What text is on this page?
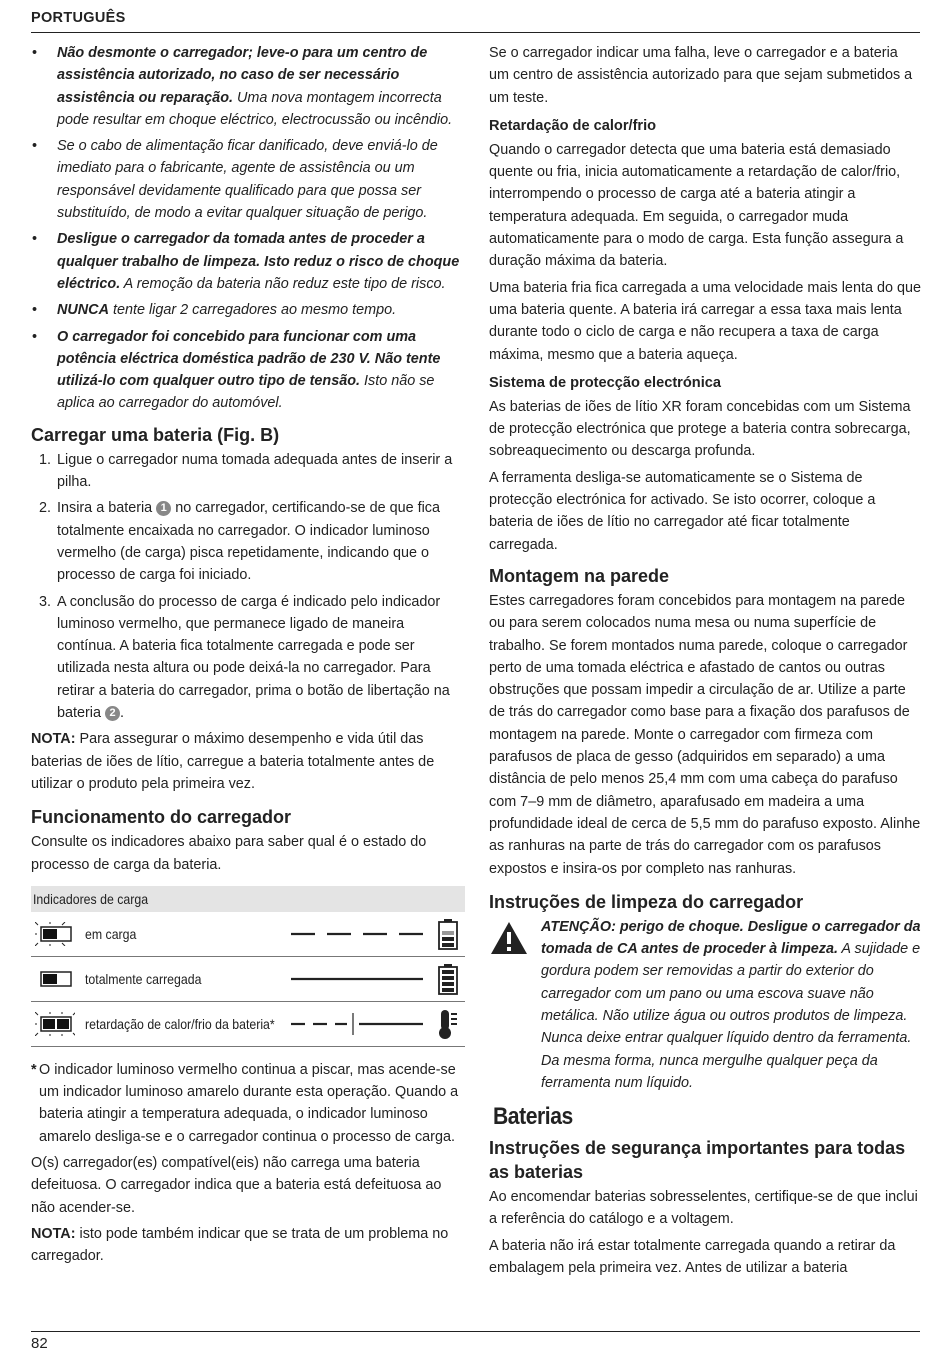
PORTUGUÊS
• Não desmonte o carregador; leve-o para um centro de assistência autorizado, no caso de ser necessário assistência ou reparação. Uma nova montagem incorrecta pode resultar em choque eléctrico, electrocussão ou incêndio.
• Se o cabo de alimentação ficar danificado, deve enviá-lo de imediato para o fabricante, agente de assistência ou um responsável devidamente qualificado para que possa ser substituído, de modo a evitar qualquer situação de perigo.
• Desligue o carregador da tomada antes de proceder a qualquer trabalho de limpeza. Isto reduz o risco de choque eléctrico. A remoção da bateria não reduz este tipo de risco.
• NUNCA tente ligar 2 carregadores ao mesmo tempo.
• O carregador foi concebido para funcionar com uma potência eléctrica doméstica padrão de 230 V. Não tente utilizá-lo com qualquer outro tipo de tensão. Isto não se aplica ao carregador do automóvel.
Carregar uma bateria (Fig. B)
1. Ligue o carregador numa tomada adequada antes de inserir a pilha.
2. Insira a bateria 1 no carregador, certificando-se de que fica totalmente encaixada no carregador. O indicador luminoso vermelho (de carga) pisca repetidamente, indicando que o processo de carga foi iniciado.
3. A conclusão do processo de carga é indicado pelo indicador luminoso vermelho, que permanece ligado de maneira contínua. A bateria fica totalmente carregada e pode ser utilizada nesta altura ou pode deixá-la no carregador. Para retirar a bateria do carregador, prima o botão de libertação na bateria 2 .

NOTA: Para assegurar o máximo desempenho e vida útil das baterias de iões de lítio, carregue a bateria totalmente antes de utilizar o produto pela primeira vez.

Funcionamento do carregador

Consulte os indicadores abaixo para saber qual é o estado do processo de carga da bateria.

Indicadores de carga
em carga
totalmente carregada
retardação de calor/frio da bateria*

* O indicador luminoso vermelho continua a piscar, mas acende-se um indicador luminoso amarelo durante esta operação. Quando a bateria atingir a temperatura adequada, o indicador luminoso amarelo desliga-se e o carregador continua o processo de carga.

O(s) carregador(es) compatível(eis) não carrega uma bateria defeituosa. O carregador indica que a bateria está defeituosa ao não acender-se.

NOTA: isto pode também indicar que se trata de um problema no carregador.

Se o carregador indicar uma falha, leve o carregador e a bateria um centro de assistência autorizado para que sejam submetidos a um teste.

Retardação de calor/frio

Quando o carregador detecta que uma bateria está demasiado quente ou fria, inicia automaticamente a retardação de calor/frio, interrompendo o processo de carga até a bateria atingir a temperatura adequada. Em seguida, o carregador muda automaticamente para o modo de carga. Esta função assegura a duração máxima da bateria.

Uma bateria fria fica carregada a uma velocidade mais lenta do que uma bateria quente. A bateria irá carregar a essa taxa mais lenta durante todo o ciclo de carga e não recupera a taxa de carga máxima, mesmo que a bateria aqueça.

Sistema de protecção electrónica

As baterias de iões de lítio XR foram concebidas com um Sistema de protecção electrónica que protege a bateria contra sobrecarga, sobreaquecimento ou descarga profunda.

A ferramenta desliga-se automaticamente se o Sistema de protecção electrónica for activado. Se isto ocorrer, coloque a bateria de iões de lítio no carregador até ficar totalmente carregada.

Montagem na parede

Estes carregadores foram concebidos para montagem na parede ou para serem colocados numa mesa ou numa superfície de trabalho. Se forem montados numa parede, coloque o carregador perto de uma tomada eléctrica e afastado de cantos ou outras obstruções que possam impedir a circulação de ar. Utilize a parte de trás do carregador como base para a fixação dos parafusos de montagem na parede. Monte o carregador com firmeza com parafusos de placa de gesso (adquiridos em separado) a uma distância de pelo menos 25,4 mm com uma cabeça do parafuso com 7–9 mm de diâmetro, aparafusado em madeira a uma profundidade ideal de cerca de 5,5 mm do parafuso exposto. Alinhe as ranhuras na parte de trás do carregador com os parafusos expostos e insira-os por completo nas ranhuras.

Instruções de limpeza do carregador
ATENÇÃO: perigo de choque. Desligue o carregador da tomada de CA antes de proceder à limpeza. A sujidade e gordura podem ser removidas a partir do exterior do carregador com um pano ou uma escova suave não metálica. Não utilize água ou outros produtos de limpeza. Nunca deixe entrar qualquer líquido dentro da ferramenta. Da mesma forma, nunca mergulhe qualquer peça da ferramenta num líquido.
Baterias
Instruções de segurança importantes para todas as baterias

Ao encomendar baterias sobresselentes, certifique-se de que inclui a referência do catálogo e a voltagem.

A bateria não irá estar totalmente carregada quando a retirar da embalagem pela primeira vez. Antes de utilizar a bateria

82
